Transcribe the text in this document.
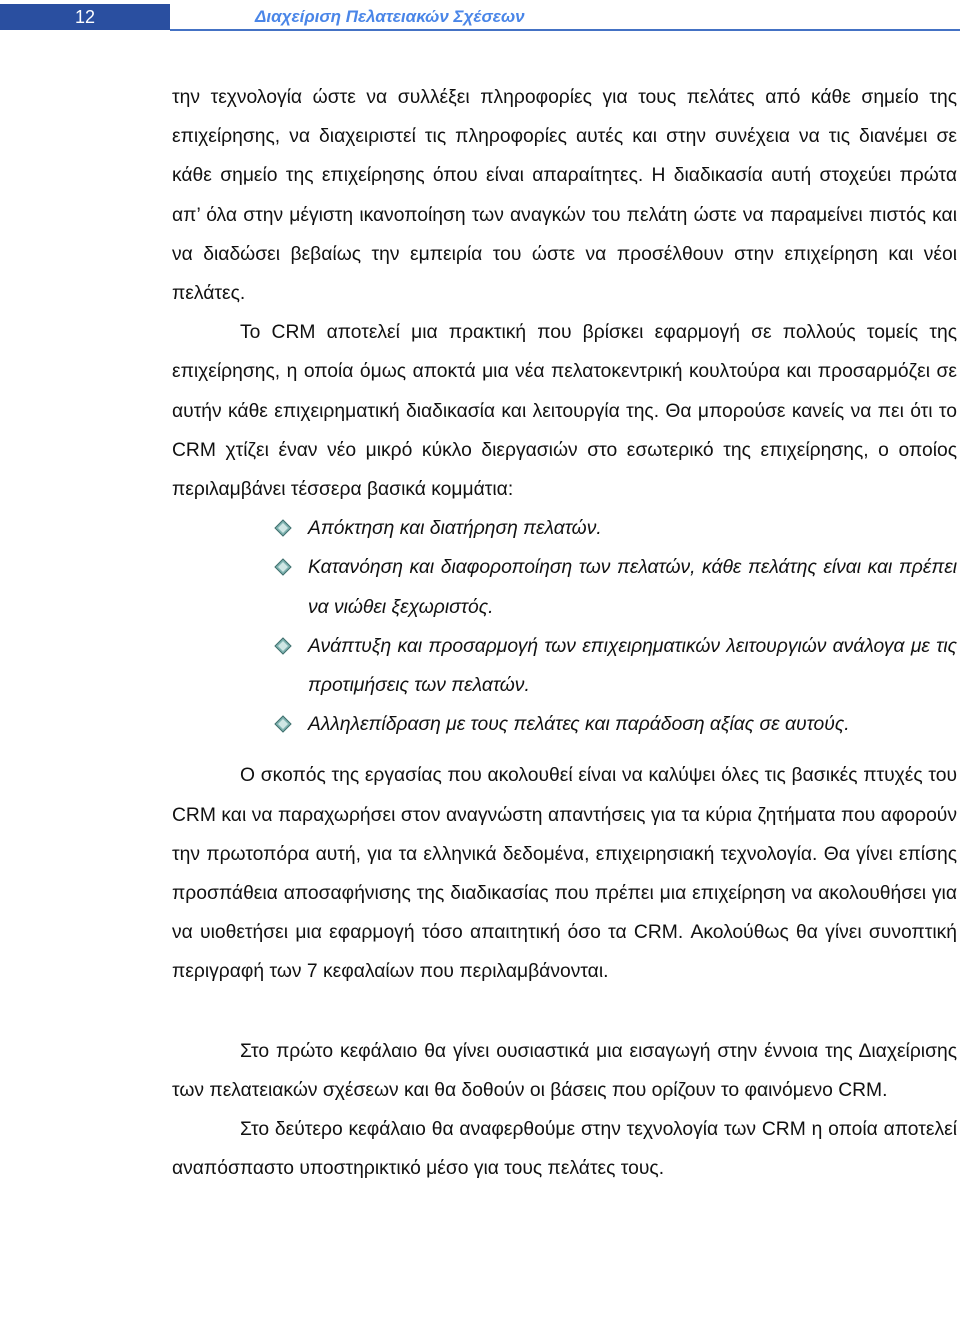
12	Διαχείριση Πελατειακών Σχέσεων

την τεχνολογία ώστε να συλλέξει πληροφορίες για τους πελάτες από κάθε σημείο της επιχείρησης, να διαχειριστεί τις πληροφορίες αυτές και στην συνέχεια να τις διανέμει σε κάθε σημείο της επιχείρησης όπου είναι απαραίτητες. Η διαδικασία αυτή στοχεύει πρώτα απ’ όλα στην μέγιστη ικανοποίηση των αναγκών του πελάτη ώστε να παραμείνει πιστός και να διαδώσει βεβαίως την εμπειρία του ώστε να προσέλθουν στην επιχείρηση και νέοι πελάτες.

Το CRM αποτελεί μια πρακτική που βρίσκει εφαρμογή σε πολλούς τομείς της επιχείρησης, η οποία όμως αποκτά μια νέα πελατοκεντρική κουλτούρα και προσαρμόζει σε αυτήν κάθε επιχειρηματική διαδικασία και λειτουργία της. Θα μπορούσε κανείς να πει ότι το CRM χτίζει έναν νέο μικρό κύκλο διεργασιών στο εσωτερικό της επιχείρησης, ο οποίος περιλαμβάνει τέσσερα βασικά κομμάτια:

Απόκτηση και διατήρηση πελατών.
Κατανόηση και διαφοροποίηση των πελατών, κάθε πελάτης είναι και πρέπει να νιώθει ξεχωριστός.
Ανάπτυξη και προσαρμογή των επιχειρηματικών λειτουργιών ανάλογα με τις προτιμήσεις των πελατών.
Αλληλεπίδραση με τους πελάτες και παράδοση αξίας σε αυτούς.

Ο σκοπός της εργασίας που ακολουθεί είναι να καλύψει όλες τις βασικές πτυχές του CRM και να παραχωρήσει στον αναγνώστη απαντήσεις για τα κύρια ζητήματα που αφορούν την πρωτοπόρα αυτή, για τα ελληνικά δεδομένα, επιχειρησιακή τεχνολογία. Θα γίνει επίσης προσπάθεια αποσαφήνισης της διαδικασίας που πρέπει μια επιχείρηση να ακολουθήσει για να υιοθετήσει μια εφαρμογή τόσο απαιτητική όσο τα CRM. Ακολούθως θα γίνει συνοπτική περιγραφή των 7 κεφαλαίων που περιλαμβάνονται.

Στο πρώτο κεφάλαιο θα γίνει ουσιαστικά μια εισαγωγή στην έννοια της Διαχείρισης των πελατειακών σχέσεων και θα δοθούν οι βάσεις που ορίζουν το φαινόμενο CRM.

Στο δεύτερο κεφάλαιο θα αναφερθούμε στην τεχνολογία των CRM η οποία αποτελεί αναπόσπαστο υποστηρικτικό μέσο για τους πελάτες τους.
